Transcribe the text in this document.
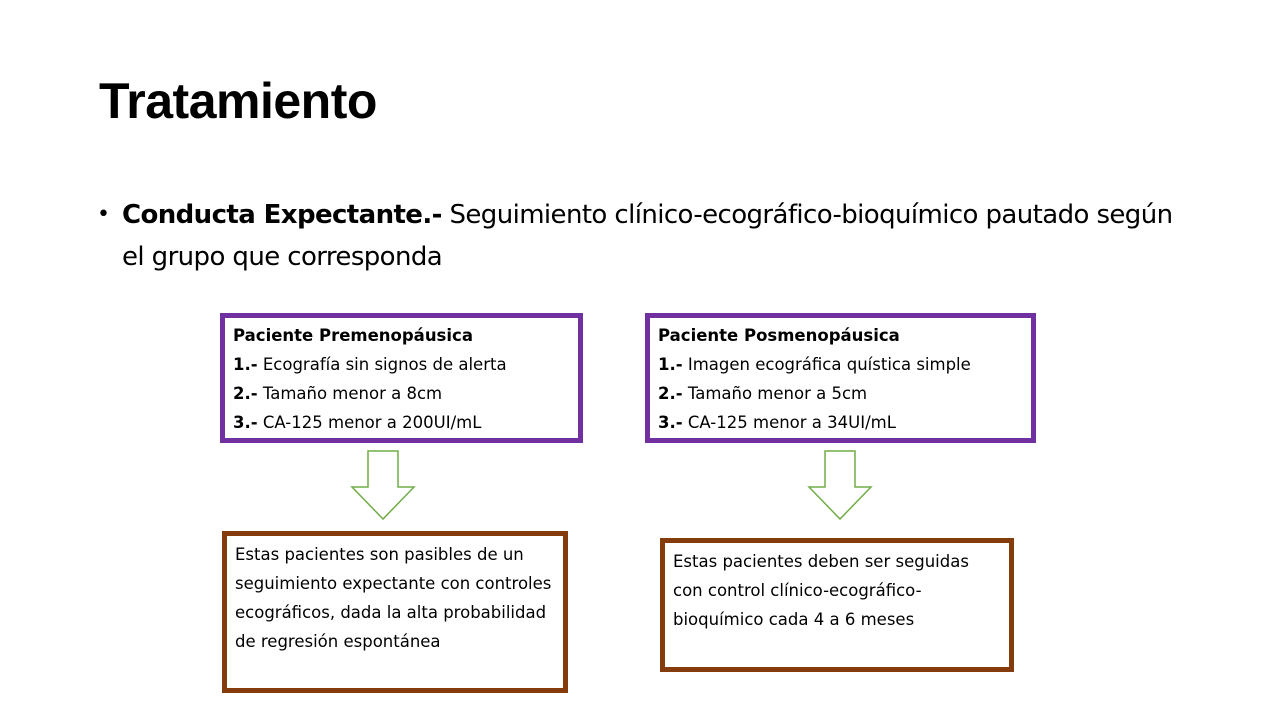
Tratamiento
• Conducta Expectante.- Seguimiento clínico-ecográfico-bioquímico pautado según el grupo que corresponda
Paciente Premenopáusica
1.- Ecografía sin signos de alerta
2.- Tamaño menor a 8cm
3.- CA-125 menor a 200UI/mL
Paciente Posmenopáusica
1.- Imagen ecográfica quística simple
2.- Tamaño menor a 5cm
3.- CA-125 menor a 34UI/mL
Estas pacientes son pasibles de un seguimiento expectante con controles ecográficos, dada la alta probabilidad de regresión espontánea
Estas pacientes deben ser seguidas con control clínico-ecográfico-bioquímico cada 4 a 6 meses
